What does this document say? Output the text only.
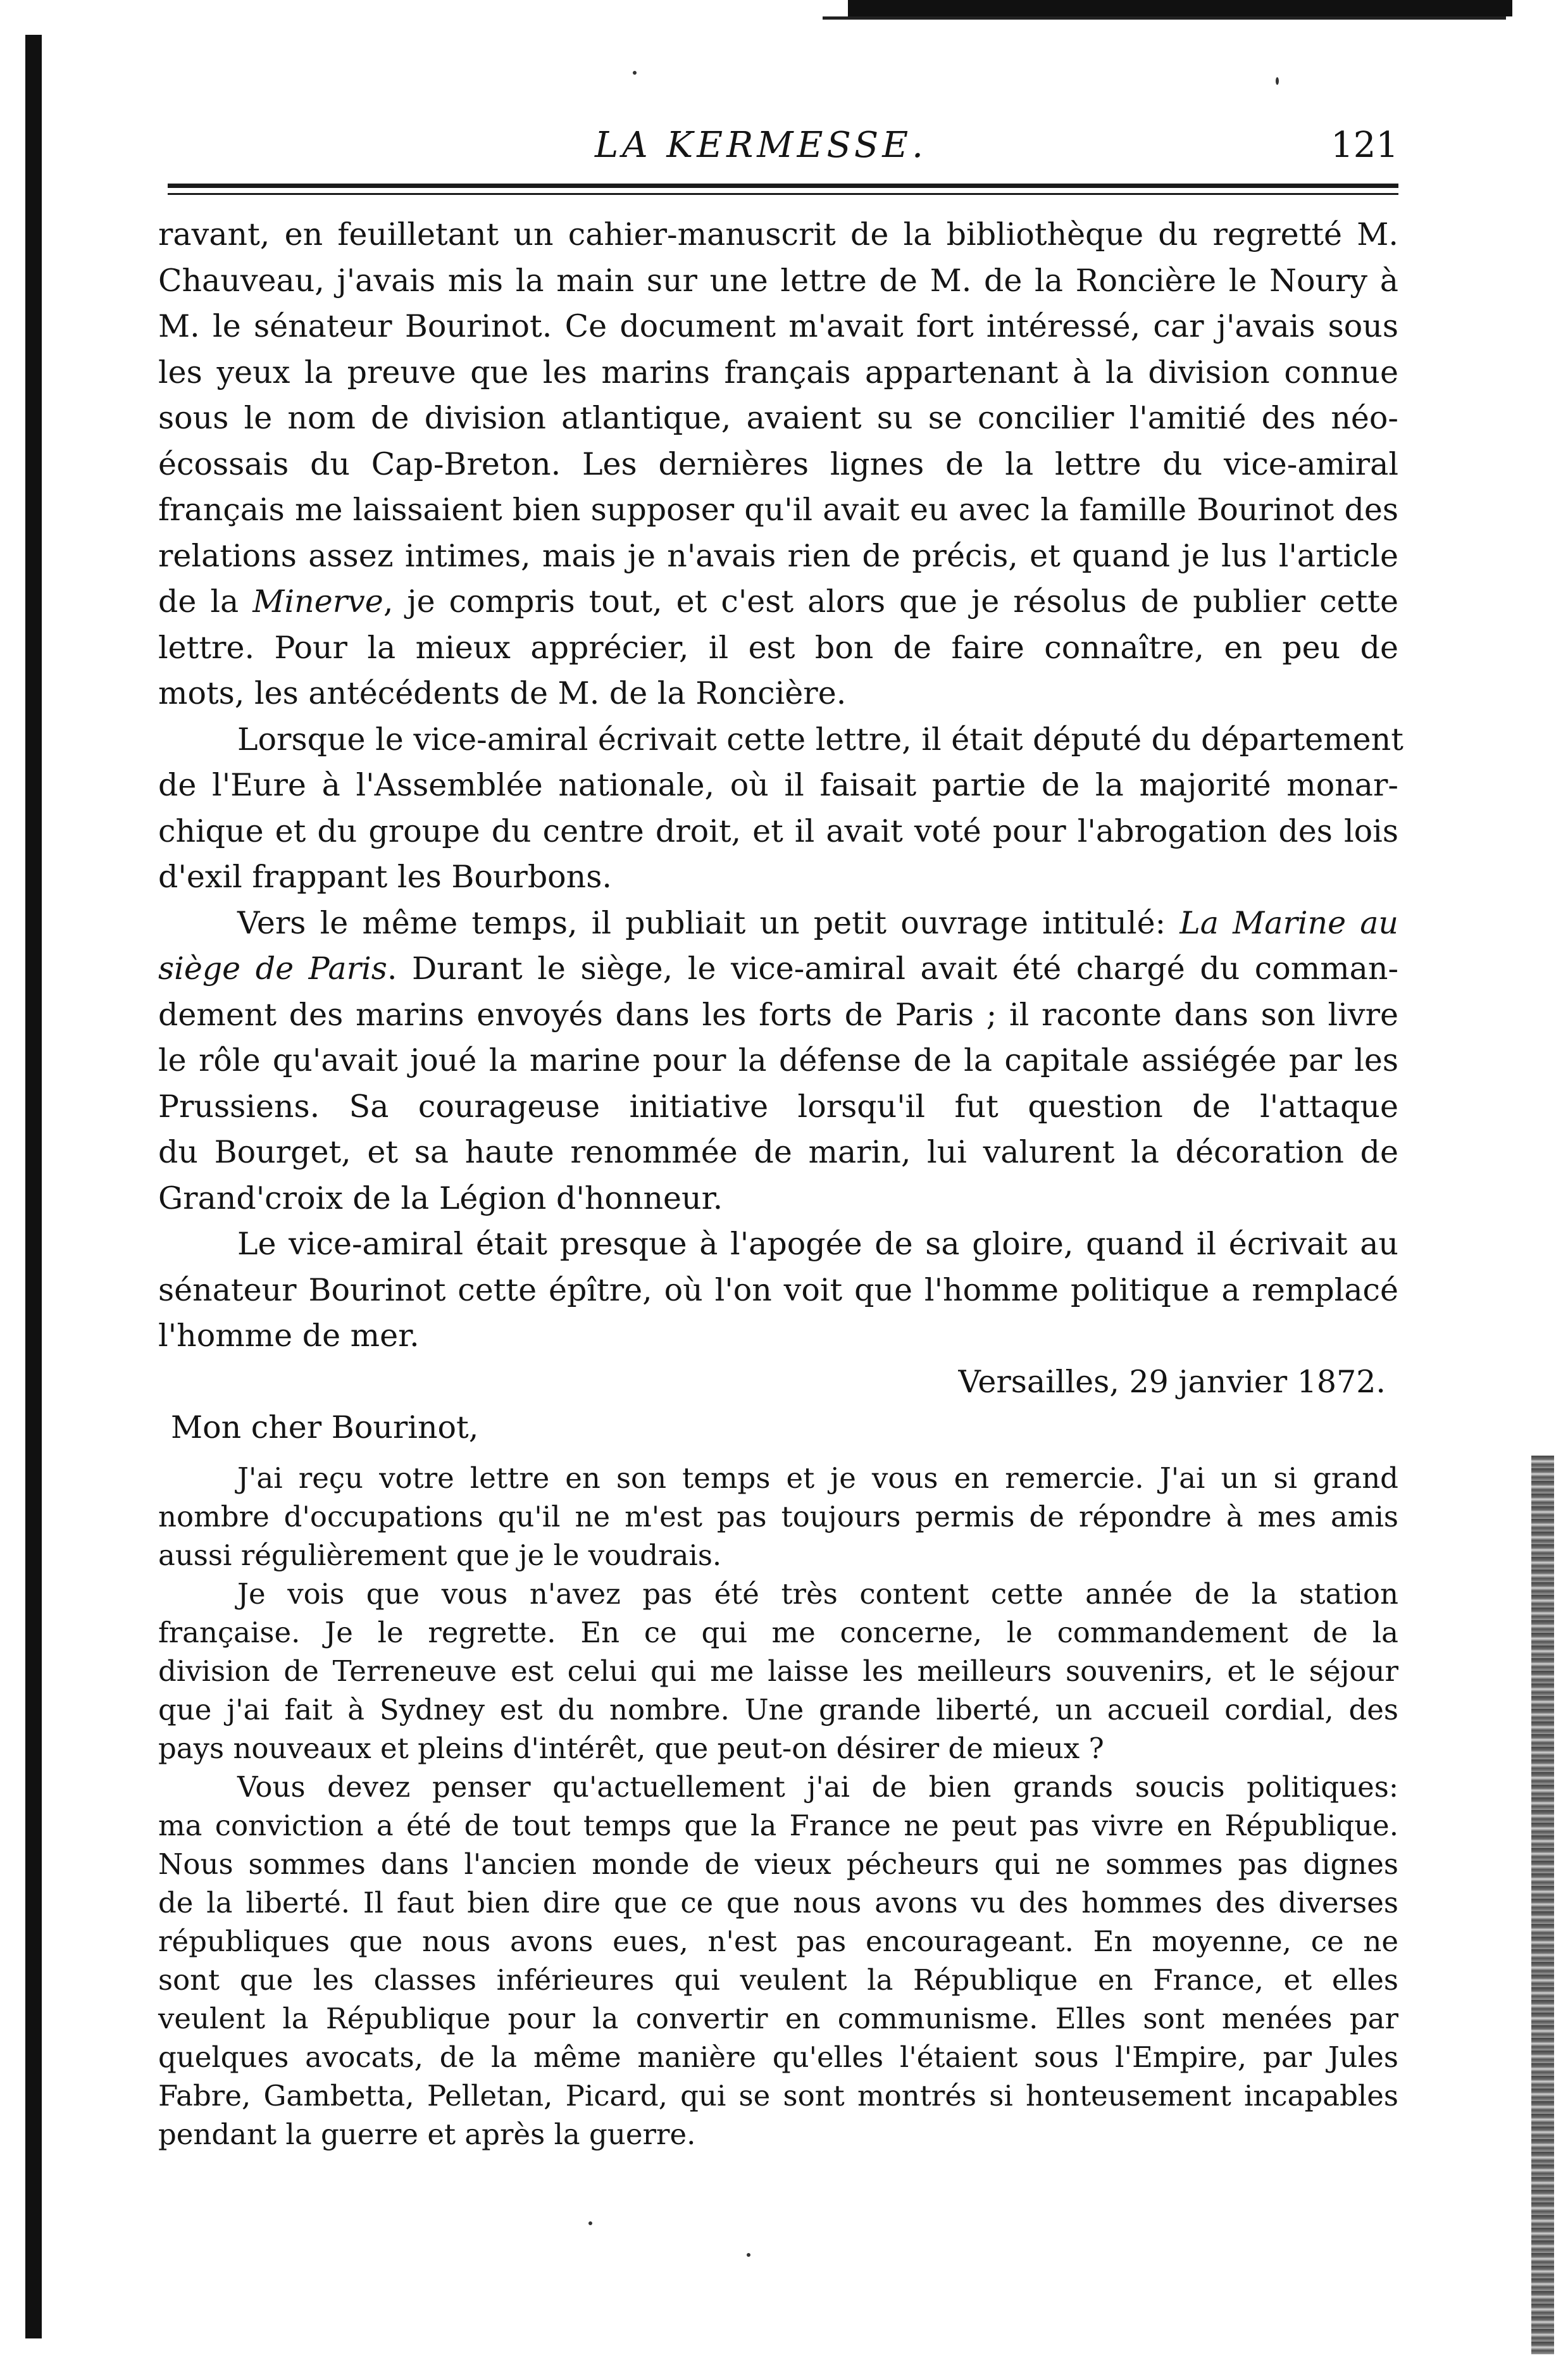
LA KERMESSE.	121
ravant, en feuilletant un cahier-manuscrit de la bibliothèque du regretté M.
Chauveau, j'avais mis la main sur une lettre de M. de la Roncière le Noury à
M. le sénateur Bourinot. Ce document m'avait fort intéressé, car j'avais sous
les yeux la preuve que les marins français appartenant à la division connue
sous le nom de division atlantique, avaient su se concilier l'amitié des néo-
écossais du Cap-Breton. Les dernières lignes de la lettre du vice-amiral
français me laissaient bien supposer qu'il avait eu avec la famille Bourinot des
relations assez intimes, mais je n'avais rien de précis, et quand je lus l'article
de la Minerve, je compris tout, et c'est alors que je résolus de publier cette
lettre. Pour la mieux apprécier, il est bon de faire connaître, en peu de
mots, les antécédents de M. de la Roncière.
Lorsque le vice-amiral écrivait cette lettre, il était député du département
de l'Eure à l'Assemblée nationale, où il faisait partie de la majorité monar-
chique et du groupe du centre droit, et il avait voté pour l'abrogation des lois
d'exil frappant les Bourbons.
Vers le même temps, il publiait un petit ouvrage intitulé: La Marine au
siège de Paris. Durant le siège, le vice-amiral avait été chargé du comman-
dement des marins envoyés dans les forts de Paris ; il raconte dans son livre
le rôle qu'avait joué la marine pour la défense de la capitale assiégée par les
Prussiens. Sa courageuse initiative lorsqu'il fut question de l'attaque
du Bourget, et sa haute renommée de marin, lui valurent la décoration de
Grand'croix de la Légion d'honneur.
Le vice-amiral était presque à l'apogée de sa gloire, quand il écrivait au
sénateur Bourinot cette épître, où l'on voit que l'homme politique a remplacé
l'homme de mer.
Versailles, 29 janvier 1872.
Mon cher Bourinot,
J'ai reçu votre lettre en son temps et je vous en remercie. J'ai un si grand
nombre d'occupations qu'il ne m'est pas toujours permis de répondre à mes amis
aussi régulièrement que je le voudrais.
Je vois que vous n'avez pas été très content cette année de la station
française. Je le regrette. En ce qui me concerne, le commandement de la
division de Terreneuve est celui qui me laisse les meilleurs souvenirs, et le séjour
que j'ai fait à Sydney est du nombre. Une grande liberté, un accueil cordial, des
pays nouveaux et pleins d'intérêt, que peut-on désirer de mieux ?
Vous devez penser qu'actuellement j'ai de bien grands soucis politiques:
ma conviction a été de tout temps que la France ne peut pas vivre en République.
Nous sommes dans l'ancien monde de vieux pécheurs qui ne sommes pas dignes
de la liberté. Il faut bien dire que ce que nous avons vu des hommes des diverses
républiques que nous avons eues, n'est pas encourageant. En moyenne, ce ne
sont que les classes inférieures qui veulent la République en France, et elles
veulent la République pour la convertir en communisme. Elles sont menées par
quelques avocats, de la même manière qu'elles l'étaient sous l'Empire, par Jules
Fabre, Gambetta, Pelletan, Picard, qui se sont montrés si honteusement incapables
pendant la guerre et après la guerre.
